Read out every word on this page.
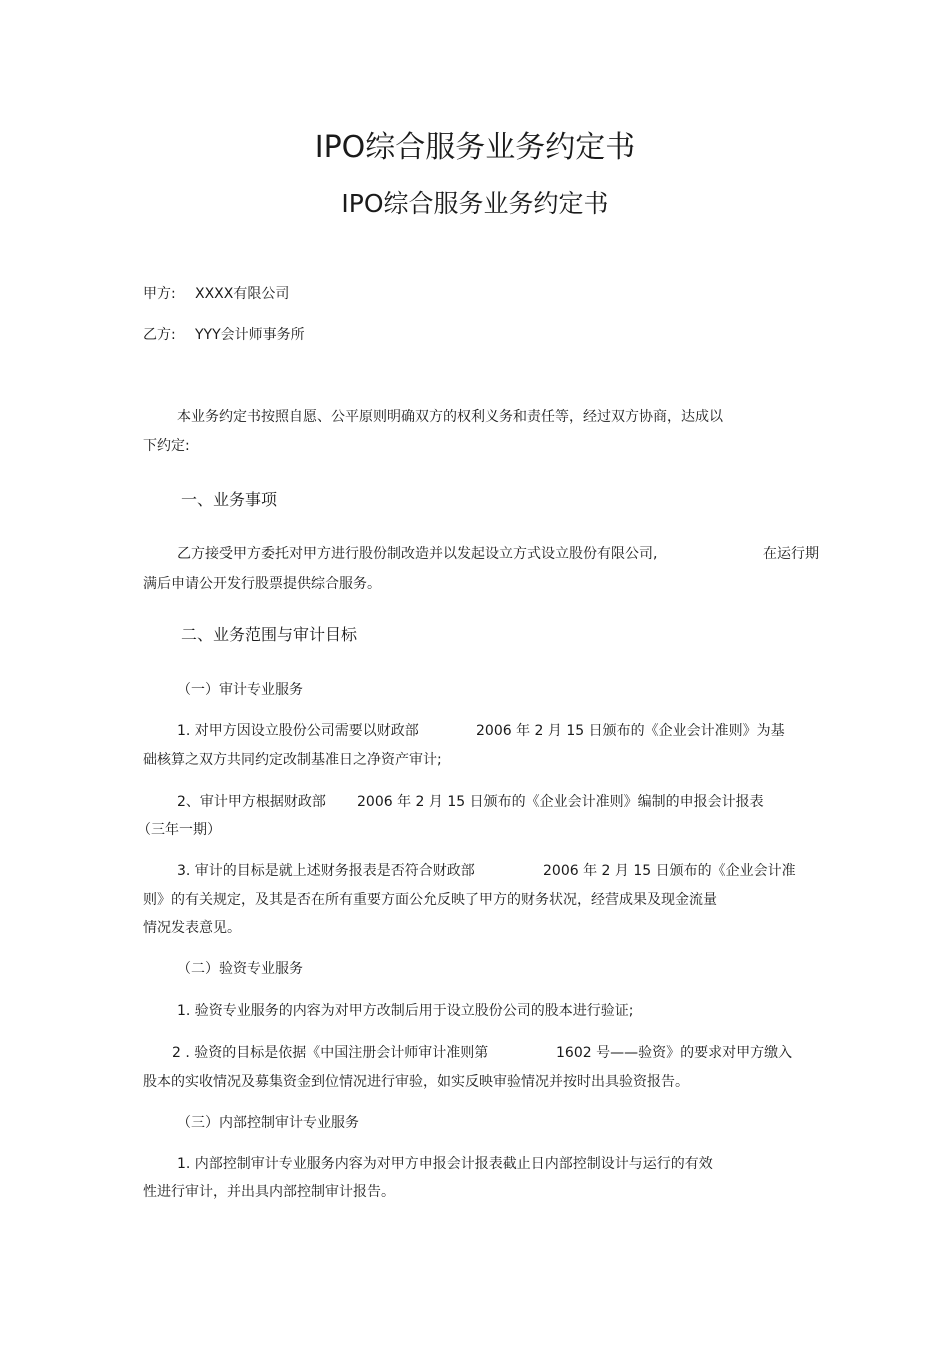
IPO综合服务业务约定书
IPO综合服务业务约定书
甲方: XXXX有限公司
乙方: YYY会计师事务所
本业务约定书按照自愿、公平原则明确双方的权利义务和责任等，经过双方协商，达成以
下约定:
一、业务事项
乙方接受甲方委托对甲方进行股份制改造并以发起设立方式设立股份有限公司,	在运行期
满后申请公开发行股票提供综合服务。
二、业务范围与审计目标
（一）审计专业服务
1. 对甲方因设立股份公司需要以财政部	2006 年 2 月 15 日颁布的《企业会计准则》为基
础核算之双方共同约定改制基准日之净资产审计;
2、审计甲方根据财政部 2006 年 2 月 15 日颁布的《企业会计准则》编制的申报会计报表
（三年一期）
3. 审计的目标是就上述财务报表是否符合财政部	2006 年 2 月 15 日颁布的《企业会计准
则》的有关规定，及其是否在所有重要方面公允反映了甲方的财务状况，经营成果及现金流量
情况发表意见。
（二）验资专业服务
1. 验资专业服务的内容为对甲方改制后用于设立股份公司的股本进行验证;
2 . 验资的目标是依据《中国注册会计师审计准则第	1602 号——验资》的要求对甲方缴入
股本的实收情况及募集资金到位情况进行审验，如实反映审验情况并按时出具验资报告。
（三）内部控制审计专业服务
1. 内部控制审计专业服务内容为对甲方申报会计报表截止日内部控制设计与运行的有效
性进行审计，并出具内部控制审计报告。
